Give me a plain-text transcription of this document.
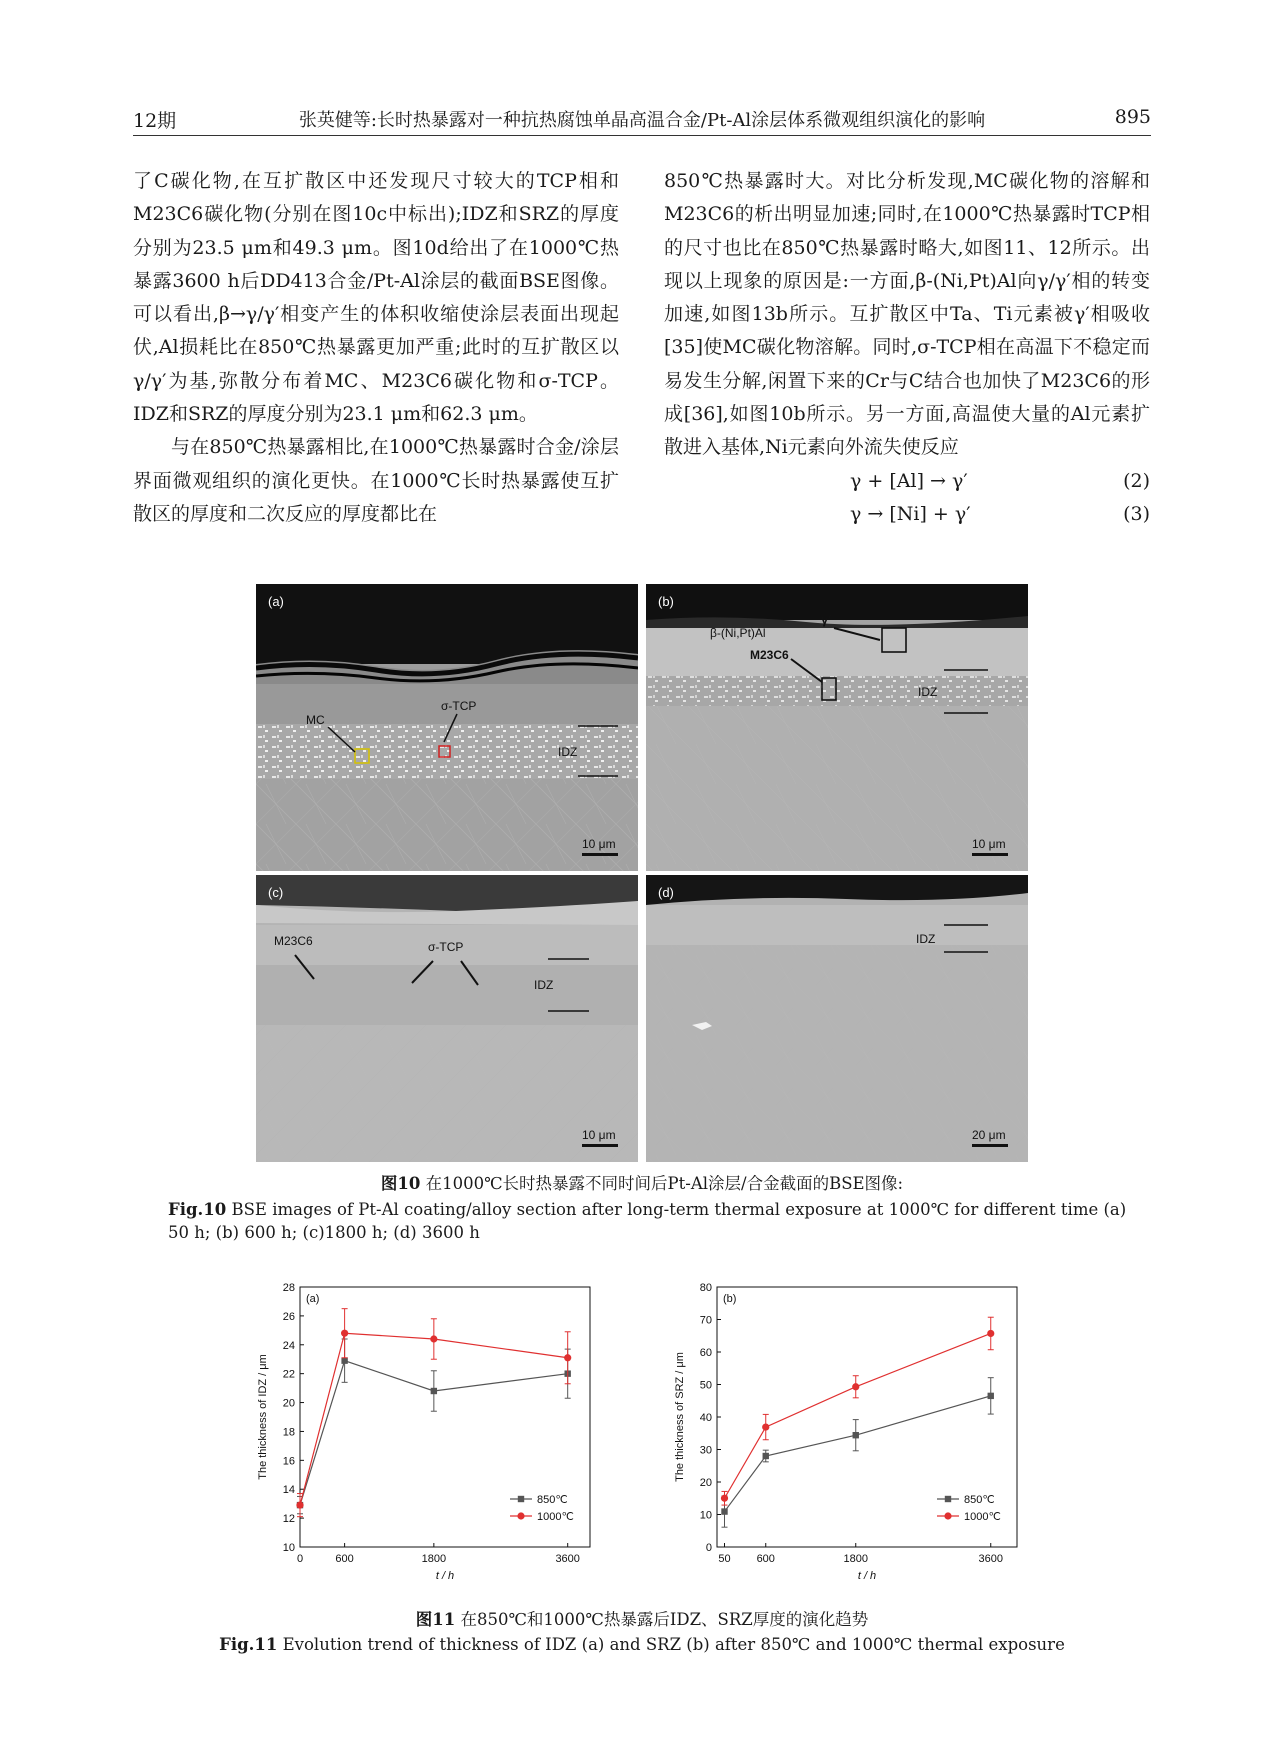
12期	张英健等:长时热暴露对一种抗热腐蚀单晶高温合金/Pt-Al涂层体系微观组织演化的影响	895

了C碳化物,在互扩散区中还发现尺寸较大的TCP相和M23C6碳化物(分别在图10c中标出);IDZ和SRZ的厚度分别为23.5 μm和49.3 μm。图10d给出了在1000℃热暴露3600 h后DD413合金/Pt-Al涂层的截面BSE图像。可以看出,β→γ/γ′相变产生的体积收缩使涂层表面出现起伏,Al损耗比在850℃热暴露更加严重;此时的互扩散区以γ/γ′为基,弥散分布着MC、M23C6碳化物和σ-TCP。IDZ和SRZ的厚度分别为23.1 μm和62.3 μm。

与在850℃热暴露相比,在1000℃热暴露时合金/涂层界面微观组织的演化更快。在1000℃长时热暴露使互扩散区的厚度和二次反应的厚度都比在

850℃热暴露时大。对比分析发现,MC碳化物的溶解和M23C6的析出明显加速;同时,在1000℃热暴露时TCP相的尺寸也比在850℃热暴露时略大,如图11、12所示。出现以上现象的原因是:一方面,β-(Ni,Pt)Al向γ/γ′相的转变加速,如图13b所示。互扩散区中Ta、Ti元素被γ′相吸收[35]使MC碳化物溶解。同时,σ-TCP相在高温下不稳定而易发生分解,闲置下来的Cr与C结合也加快了M23C6的形成[36],如图10b所示。另一方面,高温使大量的Al元素扩散进入基体,Ni元素向外流失使反应

γ + [Al] → γ′	(2)
γ → [Ni] + γ′	(3)
(a)
MC
σ-TCP
IDZ
10 μm
(b)
β-(Ni,Pt)Al
γ′
M23C6
IDZ
10 μm
(c)
M23C6	σ-TCP
IDZ
10 μm
(d)
IDZ
20 μm
图10 在1000℃长时热暴露不同时间后Pt-Al涂层/合金截面的BSE图像:
Fig.10 BSE images of Pt-Al coating/alloy section after long-term thermal exposure at 1000℃ for different time (a) 50 h; (b) 600 h; (c)1800 h; (d) 3600 h
10
12
14
16
18
20
22
24
26
28
0	600	1800	3600
(a)
t / h
The thickness of IDZ / μm
850℃
1000℃
0
10
20
30
40
50
60
70
80
50 600	1800	3600
(b)
t / h
The thickness of SRZ / μm
850℃
1000℃
图11 在850℃和1000℃热暴露后IDZ、SRZ厚度的演化趋势
Fig.11 Evolution trend of thickness of IDZ (a) and SRZ (b) after 850℃ and 1000℃ thermal exposure
